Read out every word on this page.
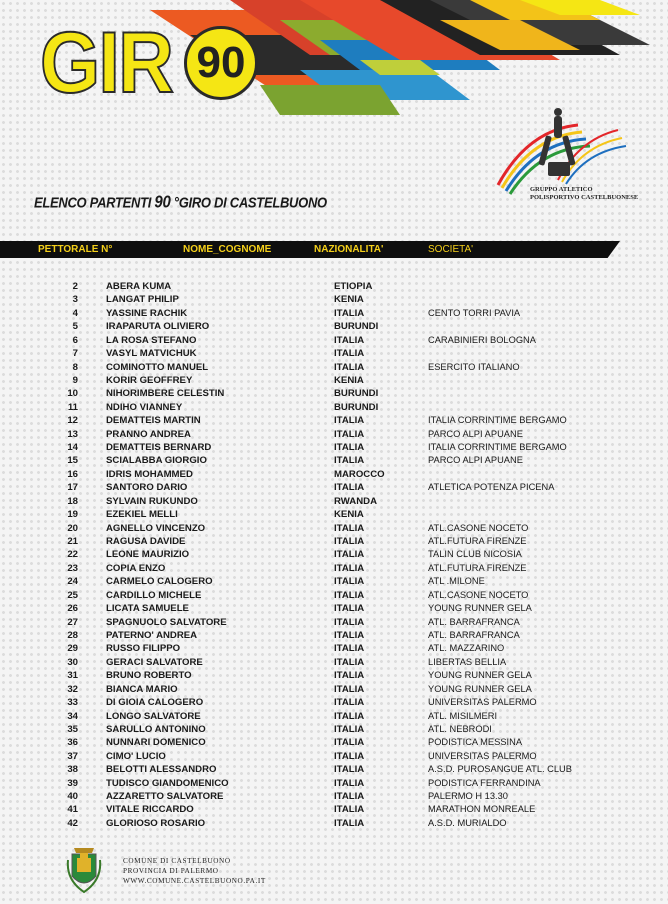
GIR 90
GRUPPO ATLETICO
POLISPORTIVO CASTELBUONESE
ELENCO PARTENTI 90 °GIRO DI CASTELBUONO
PETTORALE N°	NOME_COGNOME	NAZIONALITA'	SOCIETA'
2	ABERA KUMA	ETIOPIA
3	LANGAT PHILIP	KENIA
4	YASSINE RACHIK	ITALIA	CENTO TORRI PAVIA
5	IRAPARUTA OLIVIERO	BURUNDI
6	LA ROSA STEFANO	ITALIA	CARABINIERI BOLOGNA
7	VASYL MATVICHUK	ITALIA
8	COMINOTTO MANUEL	ITALIA	ESERCITO ITALIANO
9	KORIR GEOFFREY	KENIA
10	NIHORIMBERE CELESTIN	BURUNDI
11	NDIHO VIANNEY	BURUNDI
12	DEMATTEIS MARTIN	ITALIA	ITALIA CORRINTIME BERGAMO
13	PRANNO ANDREA	ITALIA	PARCO ALPI APUANE
14	DEMATTEIS BERNARD	ITALIA	ITALIA CORRINTIME BERGAMO
15	SCIALABBA GIORGIO	ITALIA	PARCO ALPI APUANE
16	IDRIS MOHAMMED	MAROCCO
17	SANTORO DARIO	ITALIA	ATLETICA POTENZA PICENA
18	SYLVAIN RUKUNDO	RWANDA
19	EZEKIEL MELLI	KENIA
20	AGNELLO VINCENZO	ITALIA	ATL.CASONE NOCETO
21	RAGUSA DAVIDE	ITALIA	ATL.FUTURA FIRENZE
22	LEONE MAURIZIO	ITALIA	TALIN CLUB NICOSIA
23	COPIA ENZO	ITALIA	ATL.FUTURA FIRENZE
24	CARMELO CALOGERO	ITALIA	ATL .MILONE
25	CARDILLO MICHELE	ITALIA	ATL.CASONE NOCETO
26	LICATA SAMUELE	ITALIA	YOUNG RUNNER GELA
27	SPAGNUOLO SALVATORE	ITALIA	ATL. BARRAFRANCA
28	PATERNO' ANDREA	ITALIA	ATL. BARRAFRANCA
29	RUSSO FILIPPO	ITALIA	ATL. MAZZARINO
30	GERACI SALVATORE	ITALIA	LIBERTAS BELLIA
31	BRUNO ROBERTO	ITALIA	YOUNG RUNNER GELA
32	BIANCA MARIO	ITALIA	YOUNG RUNNER GELA
33	DI GIOIA CALOGERO	ITALIA	UNIVERSITAS PALERMO
34	LONGO SALVATORE	ITALIA	ATL. MISILMERI
35	SARULLO ANTONINO	ITALIA	ATL. NEBRODI
36	NUNNARI DOMENICO	ITALIA	PODISTICA MESSINA
37	CIMO' LUCIO	ITALIA	UNIVERSITAS PALERMO
38	BELOTTI ALESSANDRO	ITALIA	A.S.D. PUROSANGUE ATL. CLUB
39	TUDISCO GIANDOMENICO	ITALIA	PODISTICA FERRANDINA
40	AZZARETTO SALVATORE	ITALIA	PALERMO H 13.30
41	VITALE RICCARDO	ITALIA	MARATHON MONREALE
42	GLORIOSO ROSARIO	ITALIA	A.S.D. MURIALDO
COMUNE DI CASTELBUONO
PROVINCIA DI PALERMO
WWW.COMUNE.CASTELBUONO.PA.IT
